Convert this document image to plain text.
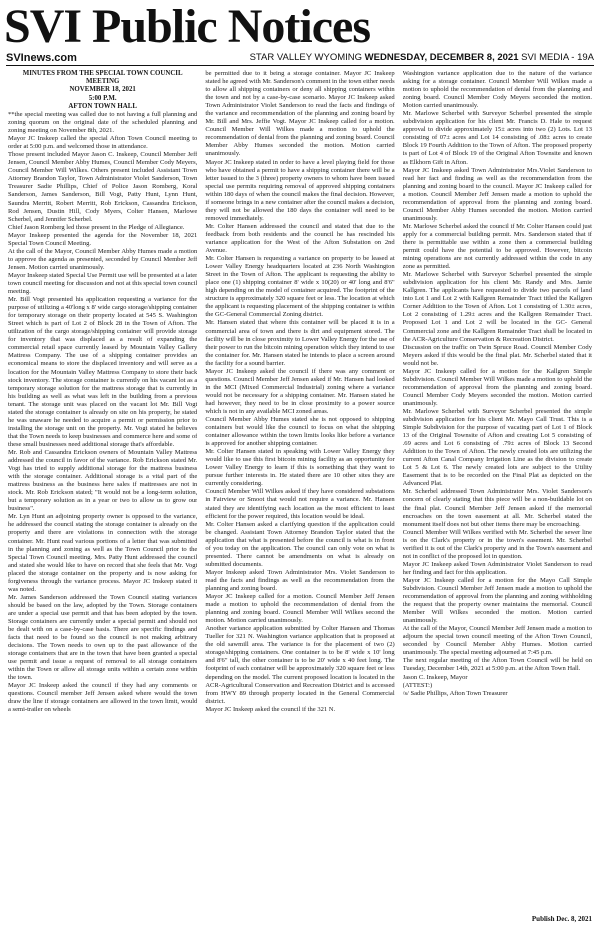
SVI Public Notices
SVInews.com	STAR VALLEY WYOMING WEDNESDAY, DECEMBER 8, 2021 SVI MEDIA - 19A

MINUTES FROM THE SPECIAL TOWN COUNCIL MEETING

NOVEMBER 18, 2021

5:00 P.M.

AFTON TOWN HALL

**the special meeting was called due to not having a full planning and zoning quorum on the original date of the scheduled planning and zoning meeting on November 8th, 2021.

Mayor JC Inskeep called the special Afton Town Council meeting to order at 5:00 p.m. and welcomed those in attendance.

Those present included Mayor Jason C. Inskeep, Council Member Jeff Jensen, Council Member Abby Humes, Council Member Cody Meyers, Council Member Will Wilkes. Others present included Assistant Town Attorney Brandon Taylor, Town Administrator Violet Sanderson, Town Treasurer Sadie Phillips, Chief of Police Jason Romberg, Koral Sanderson, James Sanderson, Bill Vogt, Patty Hunt, Lynn Hunt, Saundra Merritt, Robert Merritt, Rob Erickson, Cassandra Erickson, Rod Jensen, Dustin Hill, Cody Myers, Colter Hansen, Marlowe Scherbel, and Jennifer Scherbel.

Chief Jason Romberg led those present in the Pledge of Allegiance.

Mayor Inskeep presented the agenda for the November 18, 2021 Special Town Council Meeting.

At the call of the Mayor, Council Member Abby Humes made a motion to approve the agenda as presented, seconded by Council Member Jeff Jensen. Motion carried unanimously.

Mayor Inskeep stated Special Use Permit use will be presented at a later town council meeting for discussion and not at this special town council meeting.

Mr. Bill Vogt presented his application requesting a variance for the purpose of utilizing a 40'long x 8' wide cargo storage/shipping container for temporary storage on their property located at 545 S. Washington Street which is part of Lot 2 of Block 28 in the Town of Afton. The utilization of the cargo storage/shipping container will provide storage for inventory that was displaced as a result of expanding the commercial retail space currently leased by Mountain Valley Gallery Mattress Company. The use of a shipping container provides an economical means to store the displaced inventory and will serve as a location for the Mountain Valley Mattress Company to store their back stock inventory. The storage container is currently on his vacant lot as a temporary storage solution for the mattress storage that is currently in his building as well as what was left in the building from a previous tenant. The storage unit was placed on the vacant lot Mr. Bill Vogt stated the storage container is already on site on his property, he stated he was unaware he needed to acquire a permit or permission prior to installing the storage unit on the property. Mr. Vogt stated he believes that the Town needs to keep businesses and commerce here and some of these small businesses need additional storage that's affordable.

Mr. Rob and Cassandra Erickson owners of Mountain Valley Mattress addressed the council in favor of the variance. Rob Erickson stated Mr. Vogt has tried to supply additional storage for the mattress business with the storage container. Additional storage is a vital part of the mattress business as the business here sales if mattresses are not in stock. Mr. Rob Erickson stated; "It would not be a long-term solution, but a temporary solution as in a year or two to allow us to grow our business".

Mr. Lyn Hunt an adjoining property owner is opposed to the variance, he addressed the council stating the storage container is already on the property and there are violations in connection with the storage container. Mr. Hunt read various portions of a letter that was submitted in the planning and zoning as well as the Town Council prior to the Special Town Council meeting. Mrs. Patty Hunt addressed the council and stated she would like to have on record that she feels that Mr. Vogt placed the storage container on the property and is now asking for forgiveness through the variance process. Mayor JC Inskeep stated it was noted.

Mr. James Sanderson addressed the Town Council stating variances should be based on the law, adopted by the Town. Storage containers are under a special use permit and that has been adopted by the town. Storage containers are currently under a special permit and should not be dealt with on a case-by-case basis. There are specific findings and facts that need to be found so the council is not making arbitrary decisions. The Town needs to own up to the past allowance of the storage containers that are in the town that have been granted a special use permit and issue a request of removal to all storage containers within the Town or allow all storage units within a certain zone within the town.

Mayor JC Inskeep asked the council if they had any comments or questions. Council member Jeff Jensen asked where would the town draw the line if storage containers are allowed in the town limit, would a semi-trailer on wheels

be permitted due to it being a storage container. Mayor JC Inskeep stated he agreed with Mr. Sanderson's comment in the town either needs to allow all shipping containers or deny all shipping containers within the town and not by a case-by-case scenario. Mayor JC Inskeep asked Town Administrator Violet Sanderson to read the facts and findings of the variance and recommendation of the planning and zoning board by Mr. Bill and Mrs. Jeffie Vogt. Mayor JC Inskeep called for a motion. Council Member Will Wilkes made a motion to uphold the recommendation of denial from the planning and zoning board. Council Member Abby Humes seconded the motion. Motion carried unanimously.

Mayor JC Inskeep stated in order to have a level playing field for those who have obtained a permit to have a shipping container there will be a letter issued to the 3 (three) property owners to whom have been issued special use permits requiring removal of approved shipping containers within 180 days of when the council makes the final decision. However, if someone brings in a new container after the council makes a decision, they will not be allowed the 180 days the container will need to be removed immediately.

Mr. Colter Hansen addressed the council and stated that due to the feedback from both residents and the council he has rescinded his variance application for the West of the Afton Substation on 2nd Avenue.

Mr. Colter Hansen is requesting a variance on property to be leased at Lower Valley Energy headquarters located at 236 North Washington Street in the Town of Afton. The applicant is requesting the ability to place one (1) shipping container 8' wide x 10(20) or 40' long and 8'6" high depending on the model of container acquired. The footprint of the structure is approximately 320 square feet or less. The location at which the applicant is requesting placement of the shipping container is within the GC-General Commercial Zoning district.

Mr. Hansen stated that where this container will be placed it is in a commercial area of town and there is dirt and equipment stored. The facility will be in close proximity to Lower Valley Energy for the use of their power to run the bitcoin mining operation which they intend to use the container for. Mr. Hansen stated he intends to place a screen around the facility for a sound barrier.

Mayor JC Inskeep asked the council if there was any comment or questions. Council Member Jeff Jensen asked if Mr. Hansen had looked in the MCI (Mixed Commercial Industrial) zoning where a variance would not be necessary for a shipping container. Mr. Hansen stated he had however, they need to be in close proximity to a power source which is not in any available MCI zoned areas.

Council Member Abby Humes stated she is not opposed to shipping containers but would like the council to focus on what the shipping container allowance within the town limits looks like before a variance is approved for another shipping container.

Mr. Colter Hansen stated in speaking with Lower Valley Energy they would like to use this first bitcoin mining facility as an opportunity for Lower Valley Energy to learn if this is something that they want to pursue further interests in. He stated there are 10 other sites they are currently considering.

Council Member Will Wilkes asked if they have considered substations in Fairview or Smoot that would not require a variance. Mr. Hansen stated they are identifying each location as the most efficient to least efficient for the power required, this location would be ideal.

Mr. Colter Hansen asked a clarifying question if the application could be changed. Assistant Town Attorney Brandon Taylor stated that the application that what is presented before the council is what is in front of you today on the application. The council can only vote on what is presented. There cannot be amendments on what is already on submitted documents.

Mayor Inskeep asked Town Administrator Mrs. Violet Sanderson to read the facts and findings as well as the recommendation from the planning and zoning board.

Mayor JC Inskeep called for a motion. Council Member Jeff Jensen made a motion to uphold the recommendation of denial from the planning and zoning board. Council Member Will Wilkes second the motion. Motion carried unanimously.

Another variance application submitted by Colter Hansen and Thomas Tueller for 321 N. Washington variance application that is proposed at the old sawmill area. The variance is for the placement of two (2) storage/shipping containers. One container is to be 8' wide x 10' long and 8'6" tall, the other container is to be 20' wide x 40 feet long. The footprint of each container will be approximately 320 square feet or less depending on the model. The current proposed location is located in the ACR-Agricultural Conservation and Recreation District and is accessed from HWY 89 through property located in the General Commercial district.

Mayor JC Inskeep asked the council if the 321 N.

Washington variance application due to the nature of the variance asking for a storage container. Council Member Will Wilkes made a motion to uphold the recommendation of denial from the planning and zoning board. Council Member Cody Meyers seconded the motion. Motion carried unanimously.

Mr. Marlowe Scherbel with Surveyor Scherbel presented the simple subdivision application for his client Mr. Francis D. Hale to request approval to divide approximately 15± acres into two (2) Lots. Lot 13 consisting of 07± acres and Lot 14 consisting of .08± acres to create Block 19 Fourth Addition to the Town of Afton. The proposed property is part of Lot 4 of Block 19 of the Original Afton Townsite and known as Elkhorn Gift in Afton.

Mayor JC Inskeep asked Town Administrator Mrs.Violet Sanderson to read her fact and finding as well as the recommendation from the planning and zoning board to the council. Mayor JC Inskeep called for a motion. Council Member Jeff Jensen made a motion to uphold the recommendation of approval from the planning and zoning board. Council Member Abby Humes seconded the motion. Motion carried unanimously.

Mr. Marlowe Scherbel asked the council if Mr. Colter Hansen could just apply for a commercial building permit. Mrs. Sanderson stated that if there is permittable use within a zone then a commercial building permit could have the potential to be approved. However, bitcoin mining operations are not currently addressed within the code in any zone as permitted.

Mr. Marlowe Scherbel with Surveyor Scherbel presented the simple subdivision application for his client Mr. Randy and Mrs. Jamie Kallgren. The applicants have requested to divide two parcels of land into Lot 1 and Lot 2 with Kallgren Remainder Tract titled the Kallgren Corner Addition to the Town of Afton. Lot 1 consisting of 1.30± acres, Lot 2 consisting of 1.29± acres and the Kallgren Remainder Tract. Proposed Lot 1 and Lot 2 will be located in the GC- General Commercial zone and the Kallgren Remainder Tract shall be located in the ACR-Agriculture Conservation & Recreation District.

Discussion on the traffic on Twin Spruce Road. Council Member Cody Meyers asked if this would be the final plat. Mr. Scherbel stated that it would not be.

Mayor JC Inskeep called for a motion for the Kallgren Simple Subdivision. Council Member Will Wilkes made a motion to uphold the recommendation of approval from the planning and zoning board. Council Member Cody Meyers seconded the motion. Motion carried unanimously.

Mr. Marlowe Scherbel with Surveyor Scherbel presented the simple subdivision application for his client Mr. Mayo Call Trust. This is a Simple Subdivision for the purpose of vacating part of Lot 1 of Block 13 of the Original Townsite of Afton and creating Lot 5 consisting of .69 acres and Lot 6 consisting of .79± acres of Block 13 Second Addition to the Town of Afton. The newly created lots are utilizing the current Afton Canal Company Irrigation Line as the division to create Lot 5 & Lot 6. The newly created lots are subject to the Utility Easement that is to be recorded on the Final Plat as depicted on the Advanced Plat.

Mr. Scherbel addressed Town Administrator Mrs. Violet Sanderson's concern of clearly stating that this piece will be a non-buildable lot on the final plat. Council Member Jeff Jensen asked if the memorial encroaches on the town easement at all. Mr. Scherbel stated the monument itself does not but other items there may be encroaching.

Council Member Will Wilkes verified with Mr. Scherbel the sewer line is on the Clark's property or in the town's easement. Mr. Scherbel verified it is out of the Clark's property and in the Town's easement and not in conflict of the proposed lot in question.

Mayor JC Inskeep asked Town Administrator Violet Sanderson to read her finding and fact for this application.

Mayor JC Inskeep called for a motion for the Mayo Call Simple Subdivision. Council Member Jeff Jensen made a motion to uphold the recommendation of approval from the planning and zoning withholding the request that the property owner maintains the memorial. Council Member Will Wilkes seconded the motion. Motion carried unanimously.

At the call of the Mayor, Council Member Jeff Jensen made a motion to adjourn the special town council meeting of the Afton Town Council, seconded by Council Member Abby Humes. Motion carried unanimously. The special meeting adjourned at 7:45 p.m.

The next regular meeting of the Afton Town Council will be held on Tuesday, December 14th, 2021 at 5:00 p.m. at the Afton Town Hall.

Jason C. Inskeep, Mayor

(ATTEST:)

/s/ Sadie Phillips, Afton Town Treasurer

Publish Dec. 8, 2021
